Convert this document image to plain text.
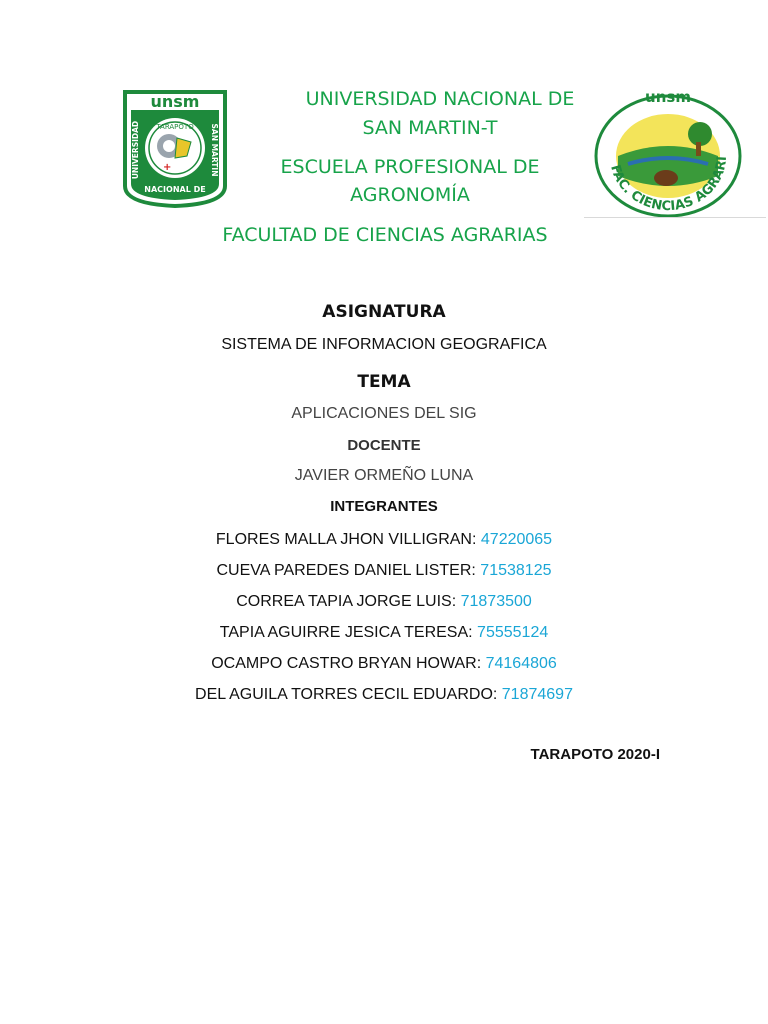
unsm
TARAPOTO
+
UNIVERSIDAD	SAN MARTIN
NACIONAL DE
unsm
FAC. CIENCIAS AGRARI
UNIVERSIDAD NACIONAL DE
SAN MARTIN-T
ESCUELA PROFESIONAL DE
AGRONOMÍA
FACULTAD DE CIENCIAS AGRARIAS
ASIGNATURA
SISTEMA DE INFORMACION GEOGRAFICA
TEMA
APLICACIONES DEL SIG
DOCENTE
JAVIER ORMEÑO LUNA
INTEGRANTES
FLORES MALLA JHON VILLIGRAN: 47220065
CUEVA PAREDES DANIEL LISTER: 71538125
CORREA TAPIA JORGE LUIS: 71873500
TAPIA AGUIRRE JESICA TERESA: 75555124
OCAMPO CASTRO BRYAN HOWAR: 74164806
DEL AGUILA TORRES CECIL EDUARDO: 71874697
TARAPOTO 2020-I
